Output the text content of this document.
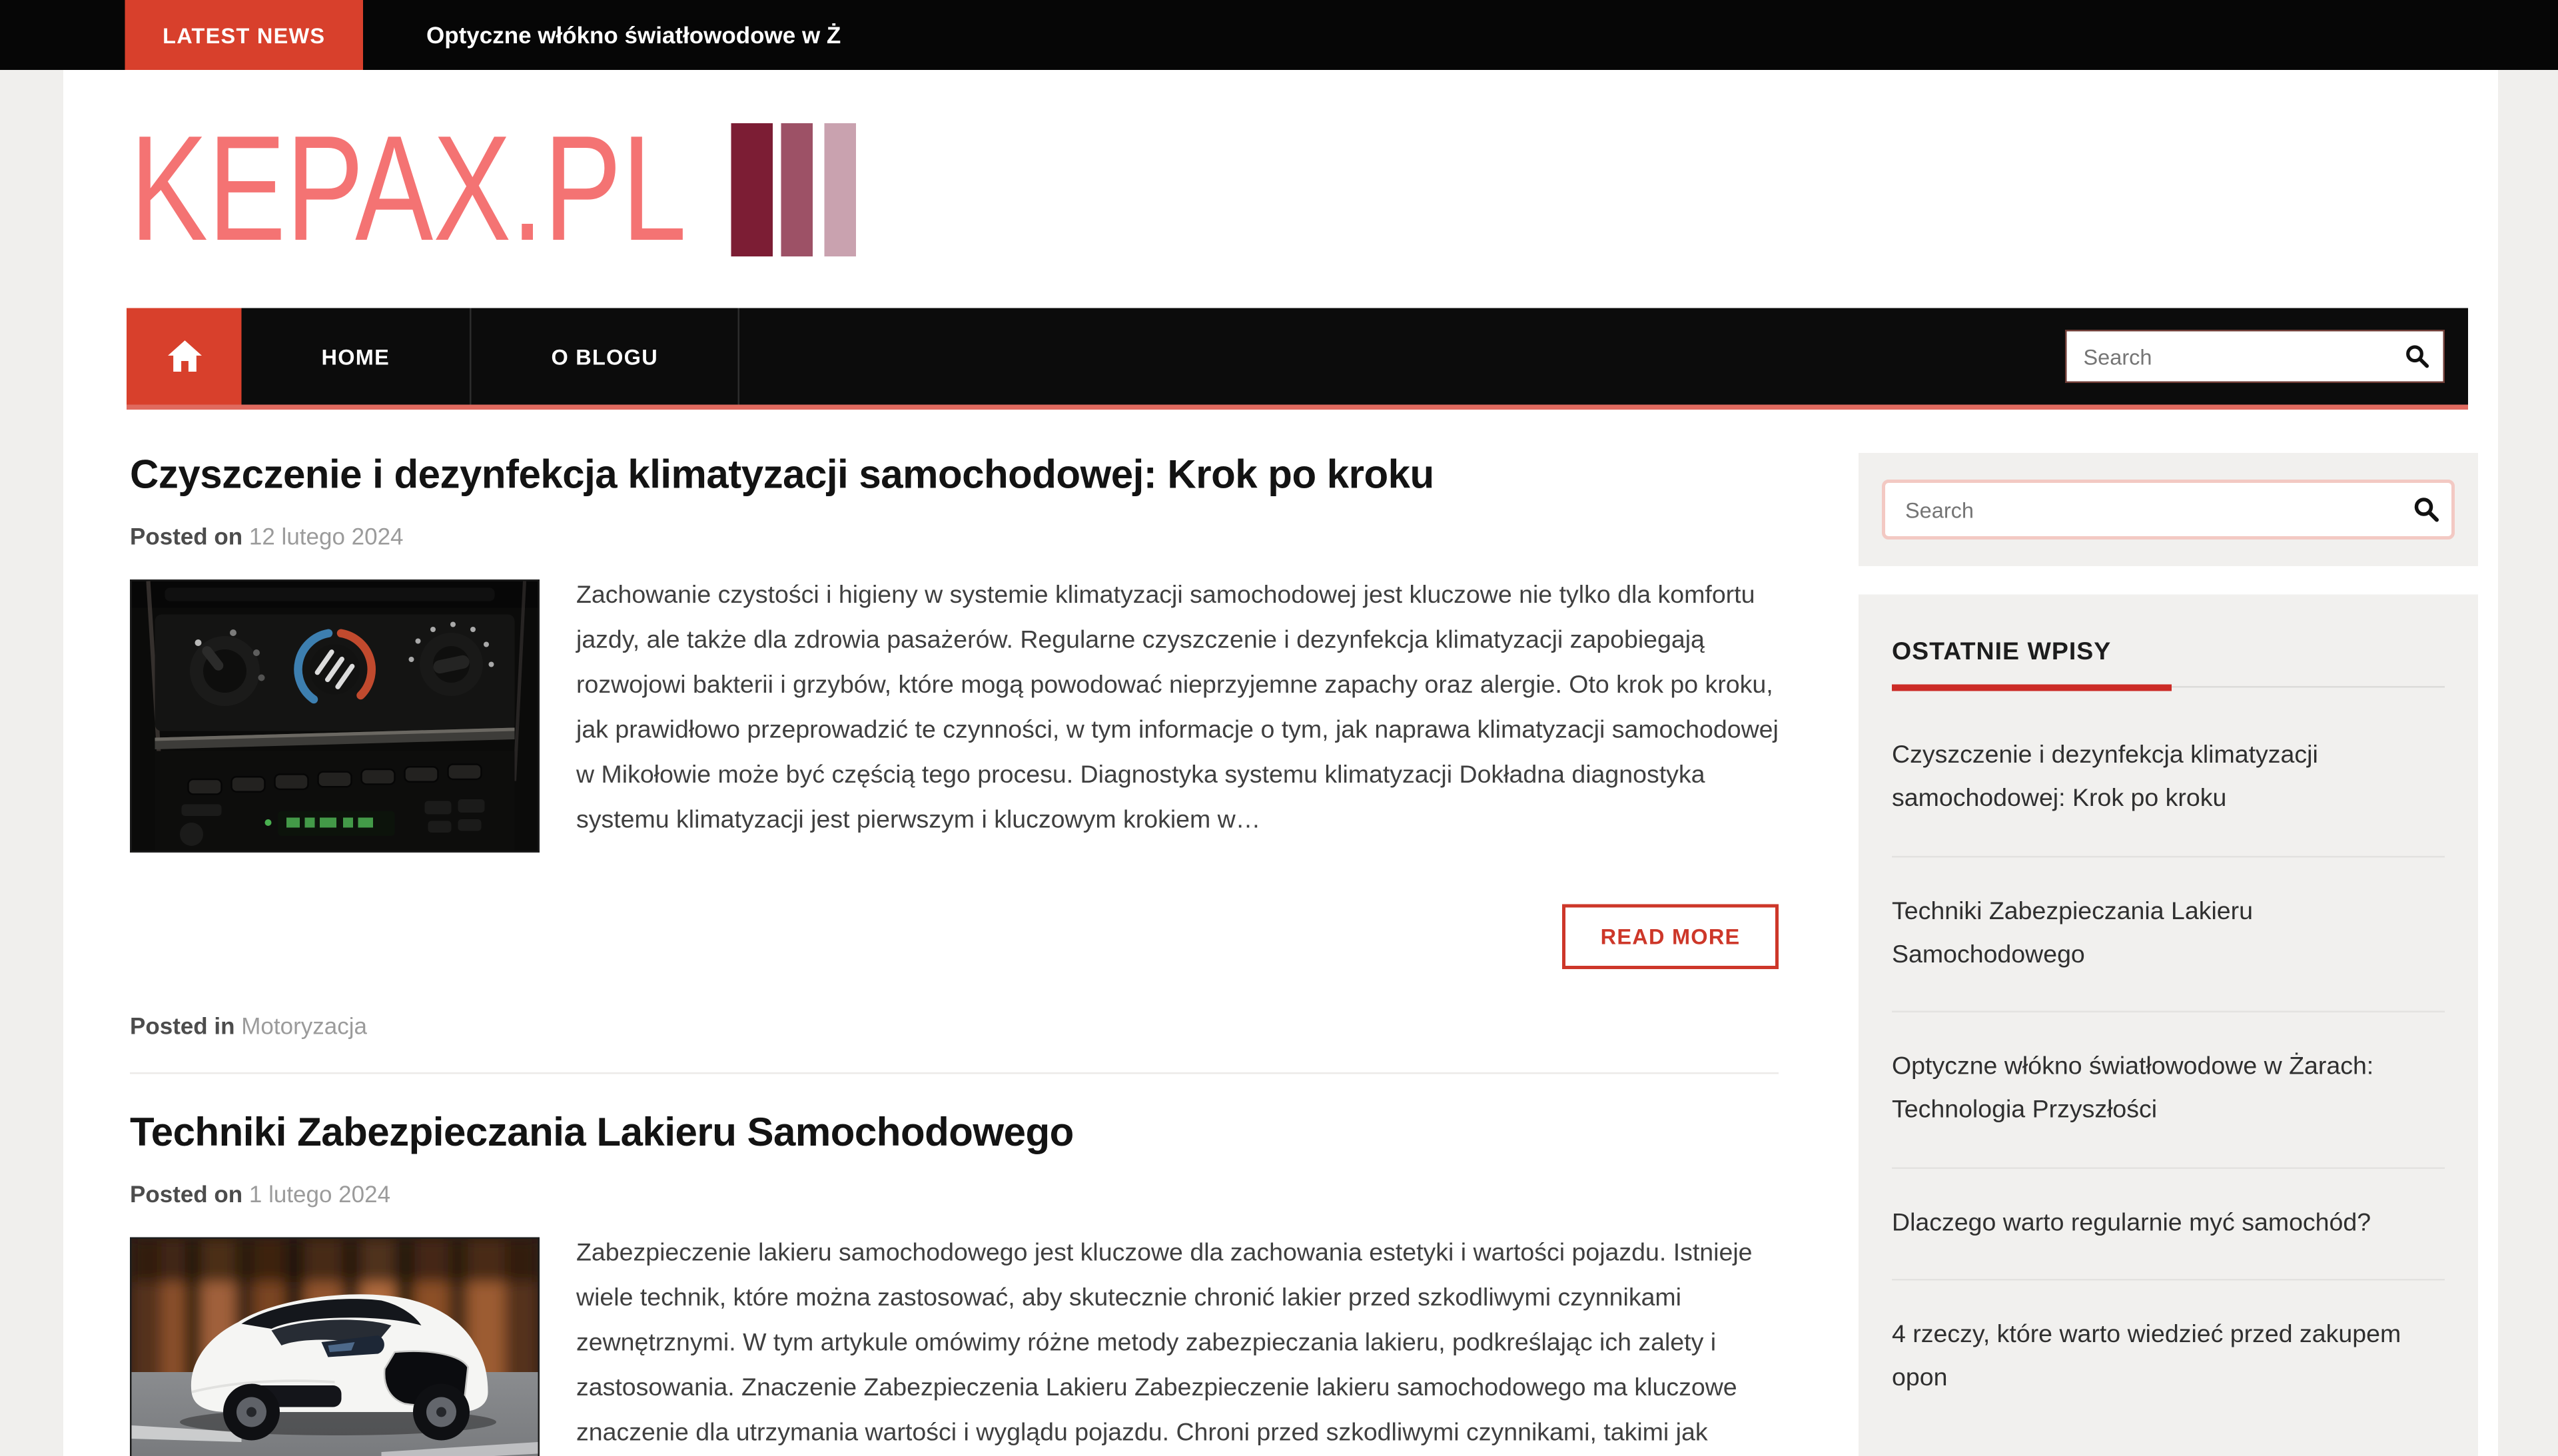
LATEST NEWS	Optyczne włókno światłowodowe w Ż
KEPAX.PL
HOME	O BLOGU
Search
Czyszczenie i dezynfekcja klimatyzacji samochodowej: Krok po kroku

Posted on 12 lutego 2024

Zachowanie czystości i higieny w systemie klimatyzacji samochodowej jest kluczowe nie tylko dla komfortu jazdy, ale także dla zdrowia pasażerów. Regularne czyszczenie i dezynfekcja klimatyzacji zapobiegają rozwojowi bakterii i grzybów, które mogą powodować nieprzyjemne zapachy oraz alergie. Oto krok po kroku, jak prawidłowo przeprowadzić te czynności, w tym informacje o tym, jak naprawa klimatyzacji samochodowej w Mikołowie może być częścią tego procesu. Diagnostyka systemu klimatyzacji Dokładna diagnostyka systemu klimatyzacji jest pierwszym i kluczowym krokiem w…

READ MORE

Posted in Motoryzacja

Techniki Zabezpieczania Lakieru Samochodowego

Posted on 1 lutego 2024

Zabezpieczenie lakieru samochodowego jest kluczowe dla zachowania estetyki i wartości pojazdu. Istnieje wiele technik, które można zastosować, aby skutecznie chronić lakier przed szkodliwymi czynnikami zewnętrznymi. W tym artykule omówimy różne metody zabezpieczania lakieru, podkreślając ich zalety i zastosowania. Znaczenie Zabezpieczenia Lakieru Zabezpieczenie lakieru samochodowego ma kluczowe znaczenie dla utrzymania wartości i wyglądu pojazdu. Chroni przed szkodliwymi czynnikami, takimi jak

Search
OSTATNIE WPISY
Czyszczenie i dezynfekcja klimatyzacji samochodowej: Krok po kroku
Techniki Zabezpieczania Lakieru Samochodowego
Optyczne włókno światłowodowe w Żarach: Technologia Przyszłości
Dlaczego warto regularnie myć samochód?
4 rzeczy, które warto wiedzieć przed zakupem opon
